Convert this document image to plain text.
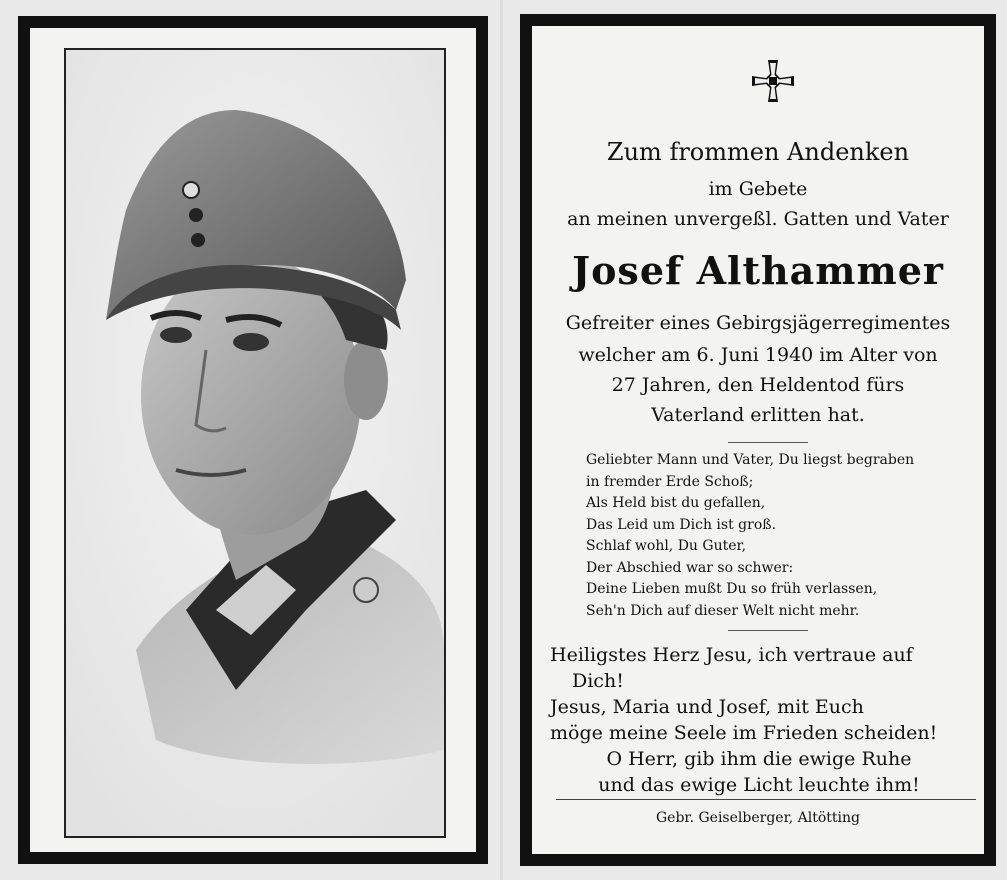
Zum frommen Andenken
im Gebete
an meinen unvergeßl. Gatten und Vater
Josef Althammer
Gefreiter eines Gebirgsjägerregimentes
welcher am 6. Juni 1940 im Alter von
27 Jahren, den Heldentod fürs
Vaterland erlitten hat.
Geliebter Mann und Vater, Du liegst begraben
in fremder Erde Schoß;
Als Held bist du gefallen,
Das Leid um Dich ist groß.
Schlaf wohl, Du Guter,
Der Abschied war so schwer:
Deine Lieben mußt Du so früh verlassen,
Seh'n Dich auf dieser Welt nicht mehr.
Heiligstes Herz Jesu, ich vertraue auf
Dich!
Jesus, Maria und Josef, mit Euch
möge meine Seele im Frieden scheiden!
O Herr, gib ihm die ewige Ruhe
und das ewige Licht leuchte ihm!
Gebr. Geiselberger, Altötting
